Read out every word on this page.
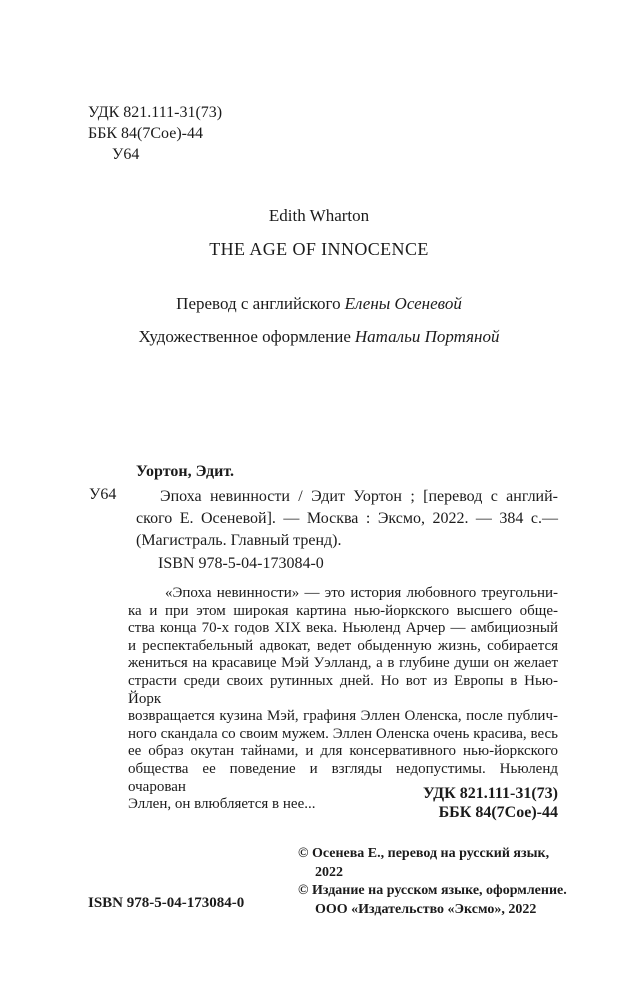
УДК 821.111-31(73)
ББК 84(7Сое)-44
У64
Edith Wharton
THE AGE OF INNOCENCE
Перевод с английского Елены Осеневой
Художественное оформление Натальи Портяной
Уортон, Эдит.
У64	Эпоха невинности / Эдит Уортон ; [перевод с англий-
ского Е. Осеневой]. — Москва : Эксмо, 2022. — 384 с.—
(Магистраль. Главный тренд).
ISBN 978-5-04-173084-0
«Эпоха невинности» — это история любовного треугольни-
ка и при этом широкая картина нью-йоркского высшего обще-
ства конца 70-х годов XIX века. Ньюленд Арчер — амбициозный
и респектабельный адвокат, ведет обыденную жизнь, собирается
жениться на красавице Мэй Уэлланд, а в глубине души он желает
страсти среди своих рутинных дней. Но вот из Европы в Нью-Йорк
возвращается кузина Мэй, графиня Эллен Оленска, после публич-
ного скандала со своим мужем. Эллен Оленска очень красива, весь
ее образ окутан тайнами, и для консервативного нью-йоркского
общества ее поведение и взгляды недопустимы. Ньюленд очарован
Эллен, он влюбляется в нее...
УДК 821.111-31(73)
ББК 84(7Сое)-44
© Осенева Е., перевод на русский язык,
2022
© Издание на русском языке, оформление.
ООО «Издательство «Эксмо», 2022
ISBN 978-5-04-173084-0
